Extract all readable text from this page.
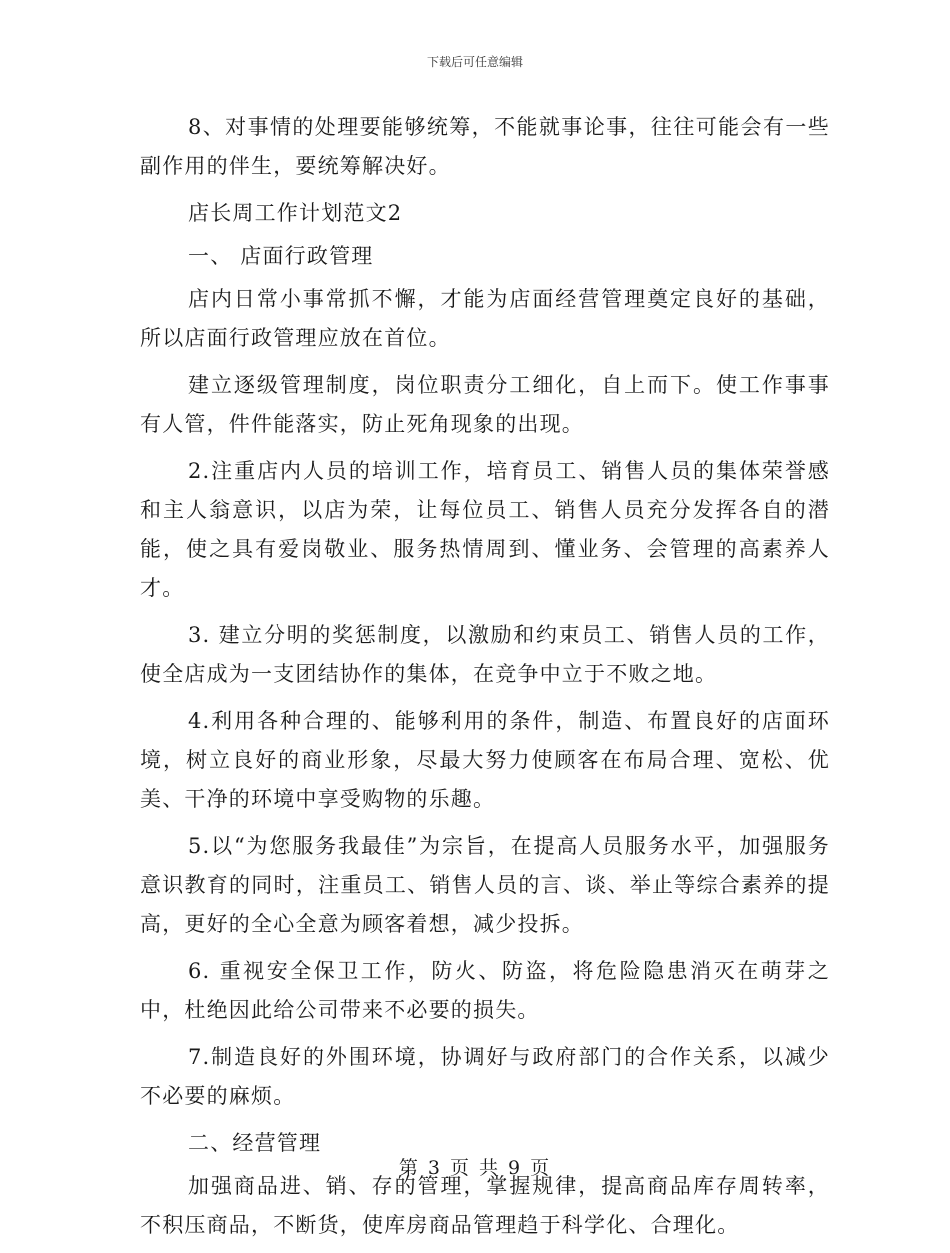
下载后可任意编辑

8、对事情的处理要能够统筹，不能就事论事，往往可能会有一些副作用的伴生，要统筹解决好。

店长周工作计划范文2

一、 店面行政管理

店内日常小事常抓不懈，才能为店面经营管理奠定良好的基础，所以店面行政管理应放在首位。

建立逐级管理制度，岗位职责分工细化，自上而下。使工作事事有人管，件件能落实，防止死角现象的出现。

2.注重店内人员的培训工作，培育员工、销售人员的集体荣誉感和主人翁意识，以店为荣，让每位员工、销售人员充分发挥各自的潜能，使之具有爱岗敬业、服务热情周到、懂业务、会管理的高素养人才。

3. 建立分明的奖惩制度，以激励和约束员工、销售人员的工作，使全店成为一支团结协作的集体，在竞争中立于不败之地。

4.利用各种合理的、能够利用的条件，制造、布置良好的店面环境，树立良好的商业形象，尽最大努力使顾客在布局合理、宽松、优美、干净的环境中享受购物的乐趣。

5.以“为您服务我最佳”为宗旨，在提高人员服务水平，加强服务意识教育的同时，注重员工、销售人员的言、谈、举止等综合素养的提高，更好的全心全意为顾客着想，减少投拆。

6. 重视安全保卫工作，防火、防盗，将危险隐患消灭在萌芽之中，杜绝因此给公司带来不必要的损失。

7.制造良好的外围环境，协调好与政府部门的合作关系，以减少不必要的麻烦。

二、经营管理

加强商品进、销、存的管理，掌握规律，提高商品库存周转率，不积压商品，不断货，使库房商品管理趋于科学化、合理化。

第 3 页 共 9 页
